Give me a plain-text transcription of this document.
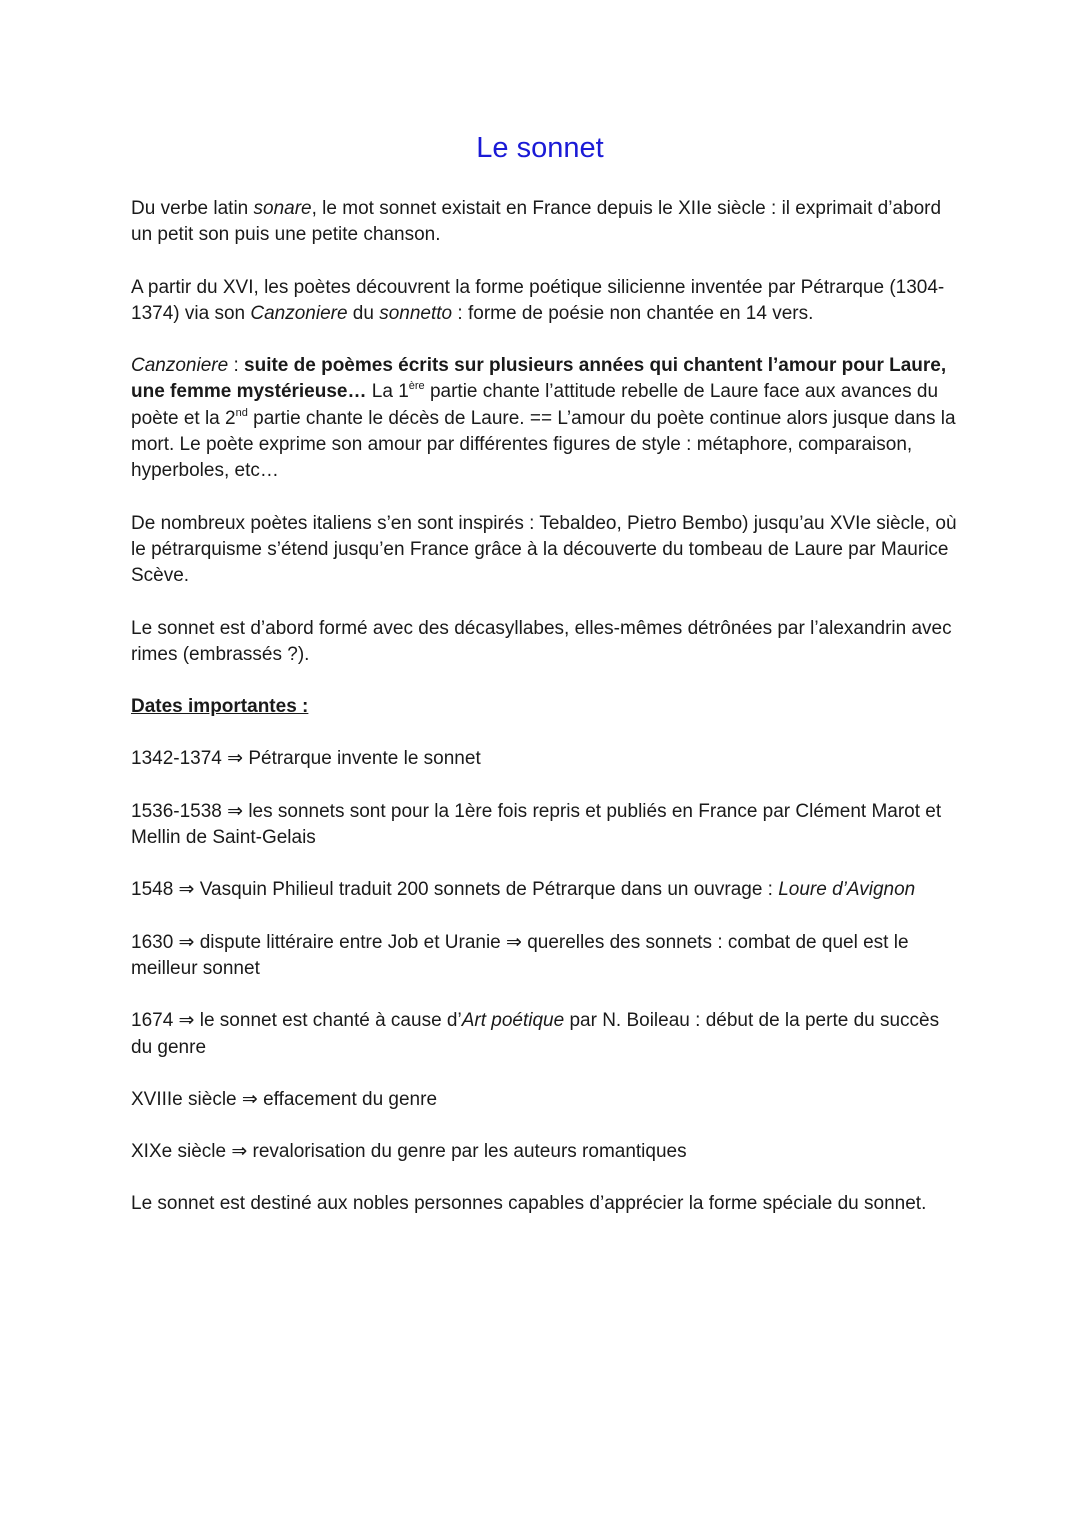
Le sonnet

Du verbe latin sonare, le mot sonnet existait en France depuis le XIIe siècle : il exprimait d’abord un petit son puis une petite chanson.

A partir du XVI, les poètes découvrent la forme poétique silicienne inventée par Pétrarque (1304-1374) via son Canzoniere du sonnetto : forme de poésie non chantée en 14 vers.

Canzoniere : suite de poèmes écrits sur plusieurs années qui chantent l’amour pour Laure, une femme mystérieuse… La 1ère partie chante l’attitude rebelle de Laure face aux avances du poète et la 2nd partie chante le décès de Laure. == L’amour du poète continue alors jusque dans la mort. Le poète exprime son amour par différentes figures de style : métaphore, comparaison, hyperboles, etc…

De nombreux poètes italiens s’en sont inspirés : Tebaldeo, Pietro Bembo) jusqu’au XVIe siècle, où le pétrarquisme s’étend jusqu’en France grâce à la découverte du tombeau de Laure par Maurice Scève.

Le sonnet est d’abord formé avec des décasyllabes, elles-mêmes détrônées par l’alexandrin avec rimes (embrassés ?).

Dates importantes :

1342-1374 ⇒ Pétrarque invente le sonnet

1536-1538 ⇒ les sonnets sont pour la 1ère fois repris et publiés en France par Clément Marot et Mellin de Saint-Gelais

1548 ⇒ Vasquin Philieul traduit 200 sonnets de Pétrarque dans un ouvrage : Loure d’Avignon

1630 ⇒ dispute littéraire entre Job et Uranie ⇒ querelles des sonnets : combat de quel est le meilleur sonnet

1674 ⇒ le sonnet est chanté à cause d’Art poétique par N. Boileau : début de la perte du succès du genre

XVIIIe siècle ⇒ effacement du genre

XIXe siècle ⇒ revalorisation du genre par les auteurs romantiques

Le sonnet est destiné aux nobles personnes capables d’apprécier la forme spéciale du sonnet.
